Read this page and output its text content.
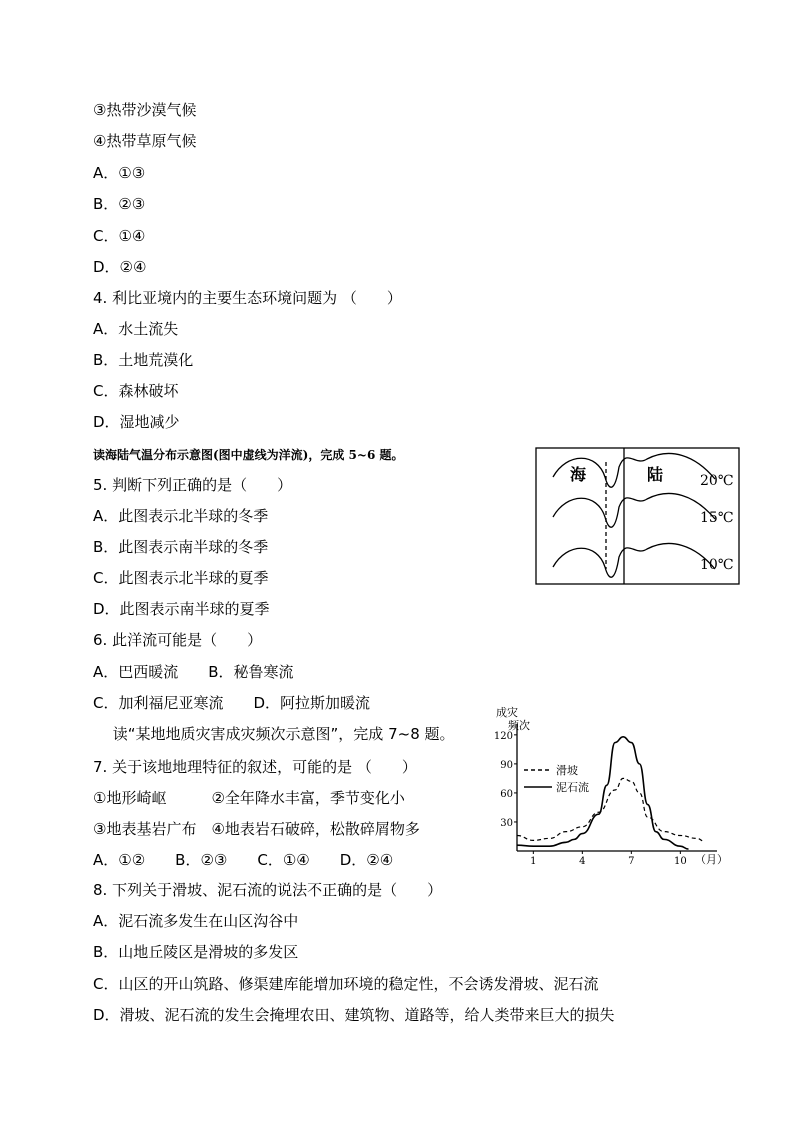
③热带沙漠气候
④热带草原气候
A．①③
B．②③
C．①④
D．②④
4. 利比亚境内的主要生态环境问题为 （　　）
A．水土流失
B．土地荒漠化
C．森林破坏
D．湿地减少
读海陆气温分布示意图(图中虚线为洋流)，完成 5~6 题。
5. 判断下列正确的是（　　）
A．此图表示北半球的冬季
B．此图表示南半球的冬季
C．此图表示北半球的夏季
D．此图表示南半球的夏季
6. 此洋流可能是（　　）
A．巴西暖流　　B．秘鲁寒流
C．加利福尼亚寒流　　D．阿拉斯加暖流
　 读“某地地质灾害成灾频次示意图”，完成 7~8 题。
7. 关于该地地理特征的叙述，可能的是 （　　）
①地形崎岖　　　②全年降水丰富，季节变化小
③地表基岩广布　④地表岩石破碎，松散碎屑物多
A．①②　　B．②③　　C．①④　　D．②④
8. 下列关于滑坡、泥石流的说法不正确的是（　　）
A．泥石流多发生在山区沟谷中
B．山地丘陵区是滑坡的多发区
C．山区的开山筑路、修渠建库能增加环境的稳定性，不会诱发滑坡、泥石流
D．滑坡、泥石流的发生会掩埋农田、建筑物、道路等，给人类带来巨大的损失
海	陆	20℃
15℃
10℃
成灾
频次
（月）
30
60
90
120
1	4	7	10
滑坡
泥石流
